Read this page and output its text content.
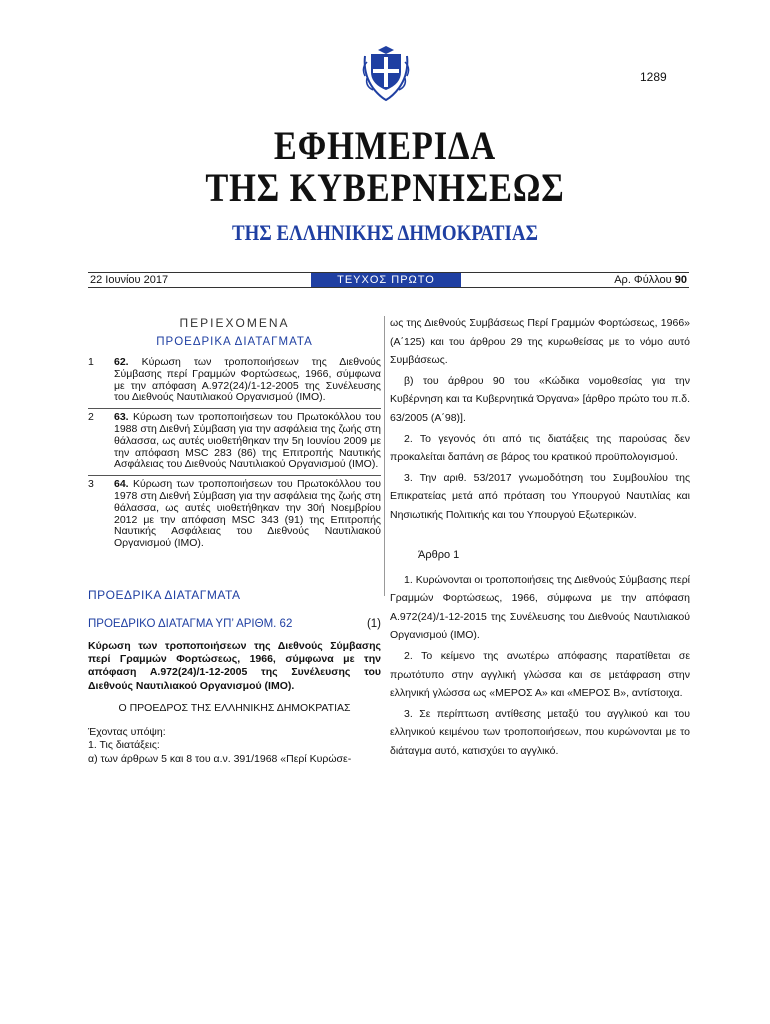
1289
ΕΦΗΜΕΡΙΔΑ
ΤΗΣ ΚΥΒΕΡΝΗΣΕΩΣ
ΤΗΣ ΕΛΛΗΝΙΚΗΣ ΔΗΜΟΚΡΑΤΙΑΣ
22 Ιουνίου 2017	ΤΕΥΧΟΣ ΠΡΩΤΟ	Αρ. Φύλλου 90
ΠΕΡΙΕΧΟΜΕΝΑ
ΠΡΟΕΔΡΙΚΑ ΔΙΑΤΑΓΜΑΤΑ
1	62. Κύρωση των τροποποιήσεων της Διεθνούς Σύμβασης περί Γραμμών Φορτώσεως, 1966, σύμφωνα με την απόφαση Α.972(24)/1-12-2005 της Συνέλευσης του Διεθνούς Ναυτιλιακού Οργανισμού (IMO).
2	63. Κύρωση των τροποποιήσεων του Πρωτοκόλλου του 1988 στη Διεθνή Σύμβαση για την ασφάλεια της ζωής στη θάλασσα, ως αυτές υιοθετήθηκαν την 5η Ιουνίου 2009 με την απόφαση MSC 283 (86) της Επιτροπής Ναυτικής Ασφάλειας του Διεθνούς Ναυτιλιακού Οργανισμού (IMO).
3	64. Κύρωση των τροποποιήσεων του Πρωτοκόλλου του 1978 στη Διεθνή Σύμβαση για την ασφάλεια της ζωής στη θάλασσα, ως αυτές υιοθετήθηκαν την 30ή Νοεμβρίου 2012 με την απόφαση MSC 343 (91) της Επιτροπής Ναυτικής Ασφάλειας του Διεθνούς Ναυτιλιακού Οργανισμού (IMO).
ΠΡΟΕΔΡΙΚΑ ΔΙΑΤΑΓΜΑΤΑ
ΠΡΟΕΔΡΙΚΟ ΔΙΑΤΑΓΜΑ ΥΠ’ ΑΡΙΘΜ. 62	(1)
Κύρωση των τροποποιήσεων της Διεθνούς Σύμβασης περί Γραμμών Φορτώσεως, 1966, σύμφωνα με την απόφαση Α.972(24)/1-12-2005 της Συνέλευσης του Διεθνούς Ναυτιλιακού Οργανισμού (IMO).
Ο ΠΡΟΕΔΡΟΣ ΤΗΣ ΕΛΛΗΝΙΚΗΣ ΔΗΜΟΚΡΑΤΙΑΣ
Έχοντας υπόψη:
1. Τις διατάξεις:
α) των άρθρων 5 και 8 του α.ν. 391/1968 «Περί Κυρώσε-

ως της Διεθνούς Συμβάσεως Περί Γραμμών Φορτώσεως, 1966» (Α΄125) και του άρθρου 29 της κυρωθείσας με το νόμο αυτό Συμβάσεως.

β) του άρθρου 90 του «Κώδικα νομοθεσίας για την Κυβέρνηση και τα Κυβερνητικά Όργανα» [άρθρο πρώτο του π.δ. 63/2005 (Α΄98)].

2. Το γεγονός ότι από τις διατάξεις της παρούσας δεν προκαλείται δαπάνη σε βάρος του κρατικού προϋπολογισμού.

3. Την αριθ. 53/2017 γνωμοδότηση του Συμβουλίου της Επικρατείας μετά από πρόταση του Υπουργού Ναυτιλίας και Νησιωτικής Πολιτικής και του Υπουργού Εξωτερικών.

Άρθρο 1

1. Κυρώνονται οι τροποποιήσεις της Διεθνούς Σύμβασης περί Γραμμών Φορτώσεως, 1966, σύμφωνα με την απόφαση Α.972(24)/1-12-2015 της Συνέλευσης του Διεθνούς Ναυτιλιακού Οργανισμού (IMO).

2. Το κείμενο της ανωτέρω απόφασης παρατίθεται σε πρωτότυπο στην αγγλική γλώσσα και σε μετάφραση στην ελληνική γλώσσα ως «ΜΕΡΟΣ Α» και «ΜΕΡΟΣ Β», αντίστοιχα.

3. Σε περίπτωση αντίθεσης μεταξύ του αγγλικού και του ελληνικού κειμένου των τροποποιήσεων, που κυρώνονται με το διάταγμα αυτό, κατισχύει το αγγλικό.
